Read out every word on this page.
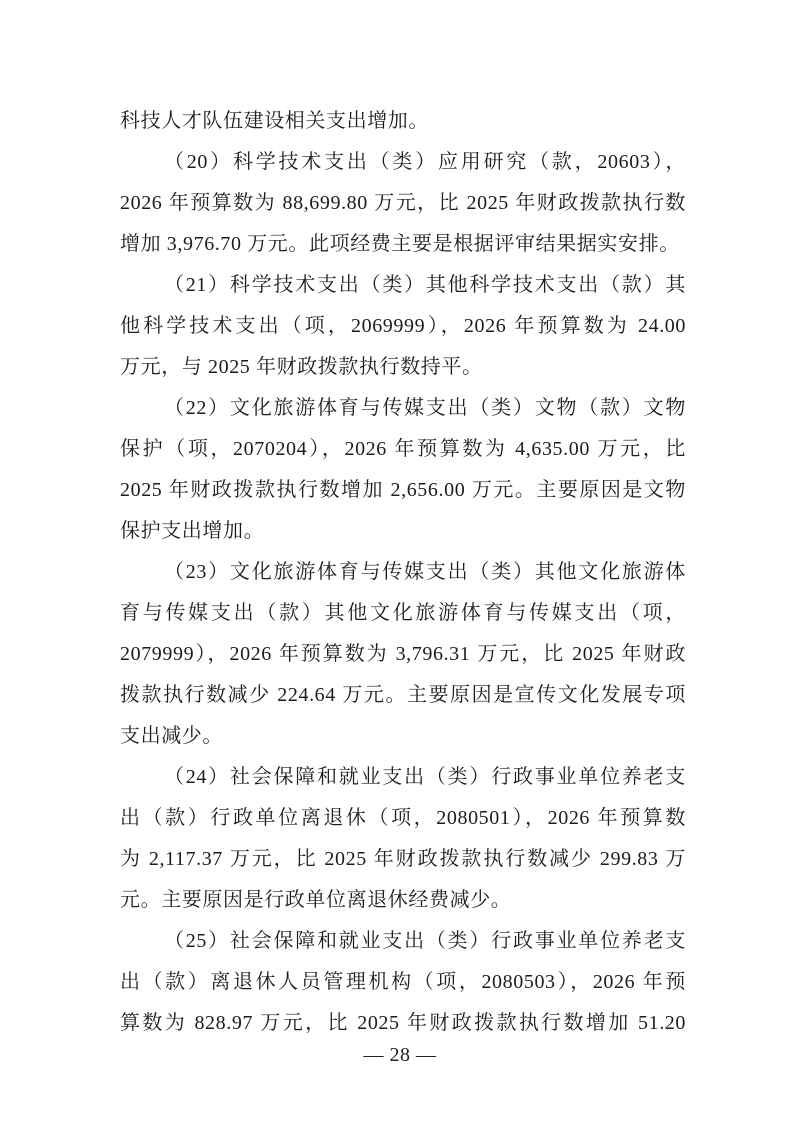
科技人才队伍建设相关支出增加。
（20）科学技术支出（类）应用研究（款，20603），
2026 年预算数为 88,699.80 万元，比 2025 年财政拨款执行数
增加 3,976.70 万元。此项经费主要是根据评审结果据实安排。
（21）科学技术支出（类）其他科学技术支出（款）其
他科学技术支出（项，2069999），2026 年预算数为 24.00
万元，与 2025 年财政拨款执行数持平。
（22）文化旅游体育与传媒支出（类）文物（款）文物
保护（项，2070204），2026 年预算数为 4,635.00 万元，比
2025 年财政拨款执行数增加 2,656.00 万元。主要原因是文物
保护支出增加。
（23）文化旅游体育与传媒支出（类）其他文化旅游体
育与传媒支出（款）其他文化旅游体育与传媒支出（项，
2079999），2026 年预算数为 3,796.31 万元，比 2025 年财政
拨款执行数减少 224.64 万元。主要原因是宣传文化发展专项
支出减少。
（24）社会保障和就业支出（类）行政事业单位养老支
出（款）行政单位离退休（项，2080501），2026 年预算数
为 2,117.37 万元，比 2025 年财政拨款执行数减少 299.83 万
元。主要原因是行政单位离退休经费减少。
（25）社会保障和就业支出（类）行政事业单位养老支
出（款）离退休人员管理机构（项，2080503），2026 年预
算数为 828.97 万元，比 2025 年财政拨款执行数增加 51.20
— 28 —
